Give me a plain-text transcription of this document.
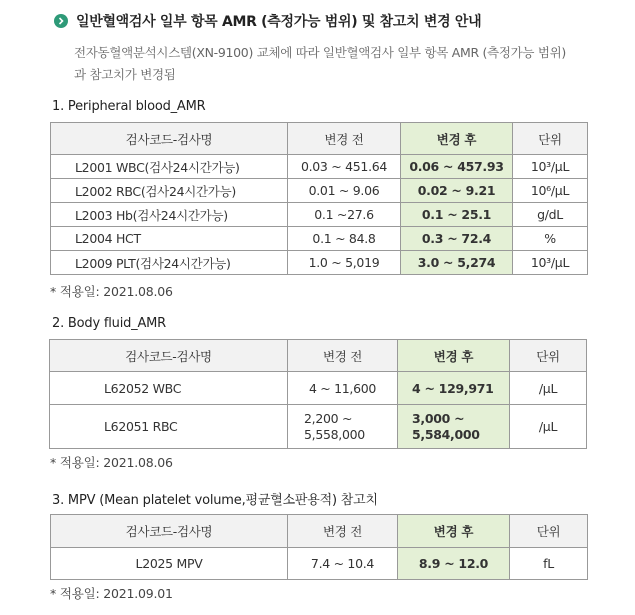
일반혈액검사 일부 항목 AMR (측정가능 범위) 및 참고치 변경 안내
전자동혈액분석시스템(XN-9100) 교체에 따라 일반혈액검사 일부 항목 AMR (측정가능 범위)과 참고치가 변경됨
1. Peripheral blood_AMR
검사코드-검사명	변경 전	변경 후	단위
L2001 WBC(검사24시간가능)	0.03 ~ 451.64	0.06 ~ 457.93	10³/μL
L2002 RBC(검사24시간가능)	0.01 ~ 9.06	0.02 ~ 9.21	10⁶/μL
L2003 Hb(검사24시간가능)	0.1 ~27.6	0.1 ~ 25.1	g/dL
L2004 HCT	0.1 ~ 84.8	0.3 ~ 72.4	%
L2009 PLT(검사24시간가능)	1.0 ~ 5,019	3.0 ~ 5,274	10³/μL
* 적용일: 2021.08.06
2. Body fluid_AMR
검사코드-검사명	변경 전	변경 후	단위
L62052 WBC	4 ~ 11,600	4 ~ 129,971	/μL
L62051 RBC	2,200 ~ 5,558,000	3,000 ~ 5,584,000	/μL
* 적용일: 2021.08.06
3. MPV (Mean platelet volume,평균혈소판용적) 참고치
검사코드-검사명	변경 전	변경 후	단위
L2025 MPV	7.4 ~ 10.4	8.9 ~ 12.0	fL
* 적용일: 2021.09.01
